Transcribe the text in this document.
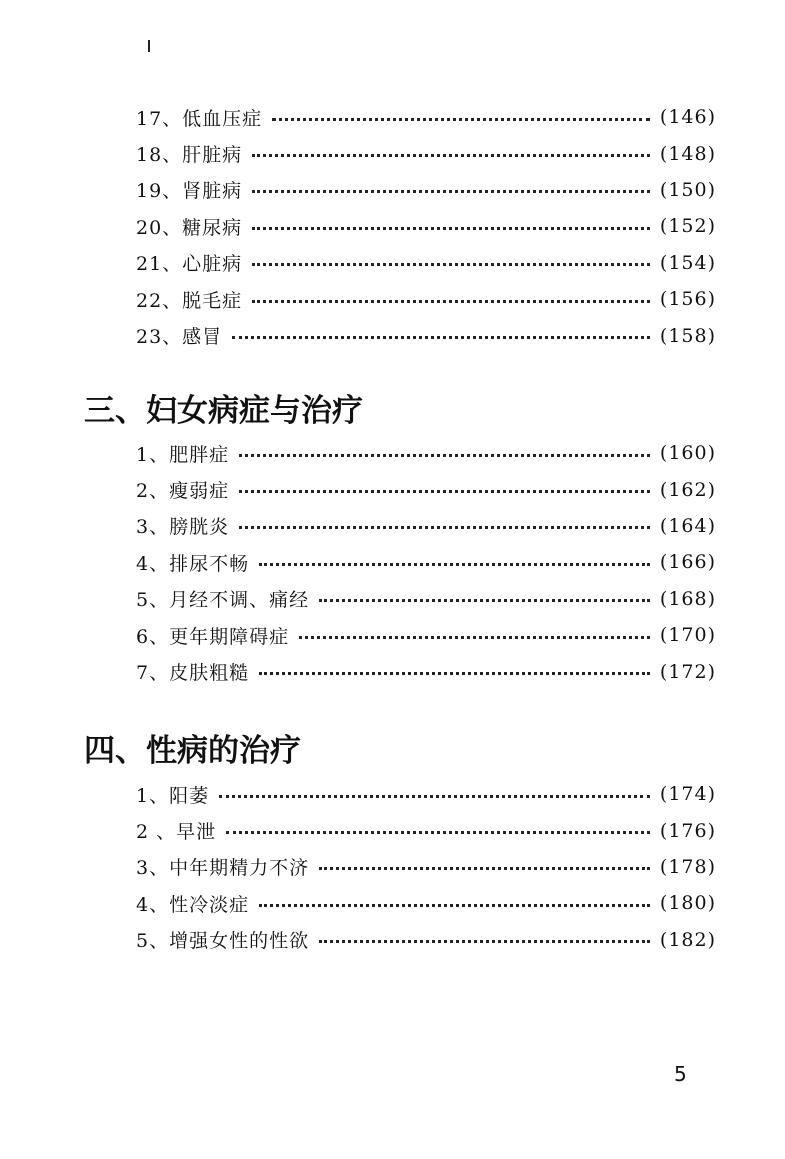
17、低血压症	(146)
18、肝脏病	(148)
19、肾脏病	(150)
20、糖尿病	(152)
21、心脏病	(154)
22、脱毛症	(156)
23、感冒	(158)
三、妇女病症与治疗
1、肥胖症	(160)
2、瘦弱症	(162)
3、膀胱炎	(164)
4、排尿不畅	(166)
5、月经不调、痛经	(168)
6、更年期障碍症	(170)
7、皮肤粗糙	(172)
四、性病的治疗
1、阳萎	(174)
2 、早泄	(176)
3、中年期精力不济	(178)
4、性冷淡症	(180)
5、增强女性的性欲	(182)
5
